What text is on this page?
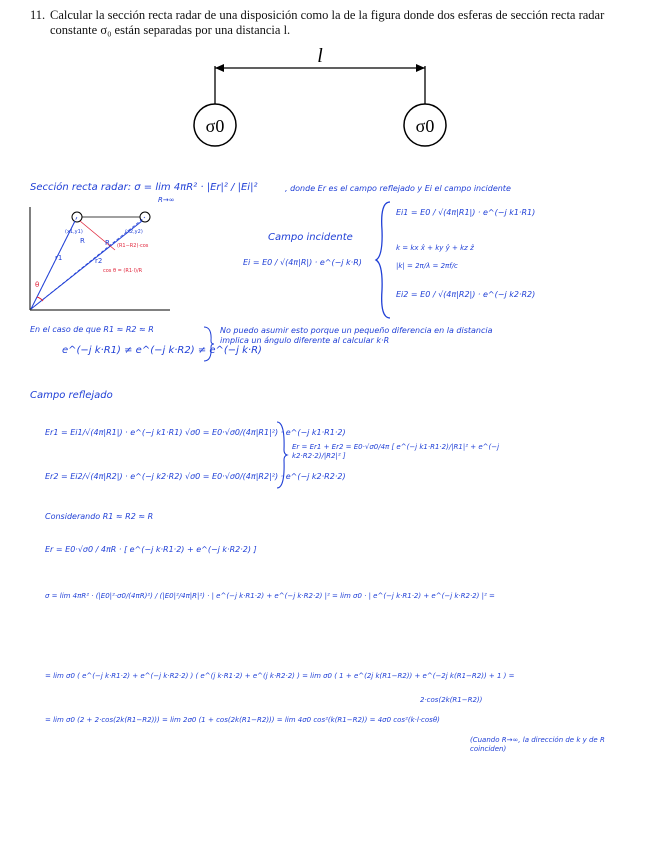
11. Calcular la sección recta radar de una disposición como la de la figura donde dos esferas de sección recta radar constante σ₀ están separadas por una distancia l.
l
σ0	σ0
Sección recta radar: σ = lim 4πR² · |Er|² / |Ei|²
R→∞
, donde Er es el campo reflejado y Ei el campo incidente
r1	r2
R	R
θ
(x1,y1)	(x2,y2)
(R1−R2)·cos
cos θ = (R1·l)/R
Campo incidente
Ei = E0 / √(4π|R|) · e^(−j k·R)
Ei1 = E0 / √(4π|R1|) · e^(−j k1·R1)
k = kx x̂ + ky ŷ + kz ẑ
|k| = 2π/λ = 2πf/c
Ei2 = E0 / √(4π|R2|) · e^(−j k2·R2)
En el caso de que R1 ≈ R2 ≈ R
e^(−j k·R1) ≠ e^(−j k·R2) ≠ e^(−j k·R)
No puedo asumir esto porque un pequeño diferencia en la distancia implica un ángulo diferente al calcular k·R
Campo reflejado
Er1 = Ei1/√(4π|R1|) · e^(−j k1·R1) √σ0 = E0·√σ0/(4π|R1|²) · e^(−j k1·R1·2)
Er2 = Ei2/√(4π|R2|) · e^(−j k2·R2) √σ0 = E0·√σ0/(4π|R2|²) · e^(−j k2·R2·2)
Er = Er1 + Er2 = E0·√σ0/4π [ e^(−j k1·R1·2)/|R1|² + e^(−j k2·R2·2)/|R2|² ]
Considerando R1 ≈ R2 ≈ R
Er = E0·√σ0 / 4πR · [ e^(−j k·R1·2) + e^(−j k·R2·2) ]
σ = lim 4πR² · (|E0|²·σ0/(4πR)²) / (|E0|²/4π|R|²) · | e^(−j k·R1·2) + e^(−j k·R2·2) |² = lim σ0 · | e^(−j k·R1·2) + e^(−j k·R2·2) |² =
= lim σ0 ( e^(−j k·R1·2) + e^(−j k·R2·2) ) ( e^(j k·R1·2) + e^(j k·R2·2) ) = lim σ0 ( 1 + e^(2j k(R1−R2)) + e^(−2j k(R1−R2)) + 1 ) =
2·cos(2k(R1−R2))
= lim σ0 (2 + 2·cos(2k(R1−R2))) = lim 2σ0 (1 + cos(2k(R1−R2))) = lim 4σ0 cos²(k(R1−R2)) = 4σ0 cos²(k·l·cosθ)
(Cuando R→∞, la dirección de k y de R coinciden)
